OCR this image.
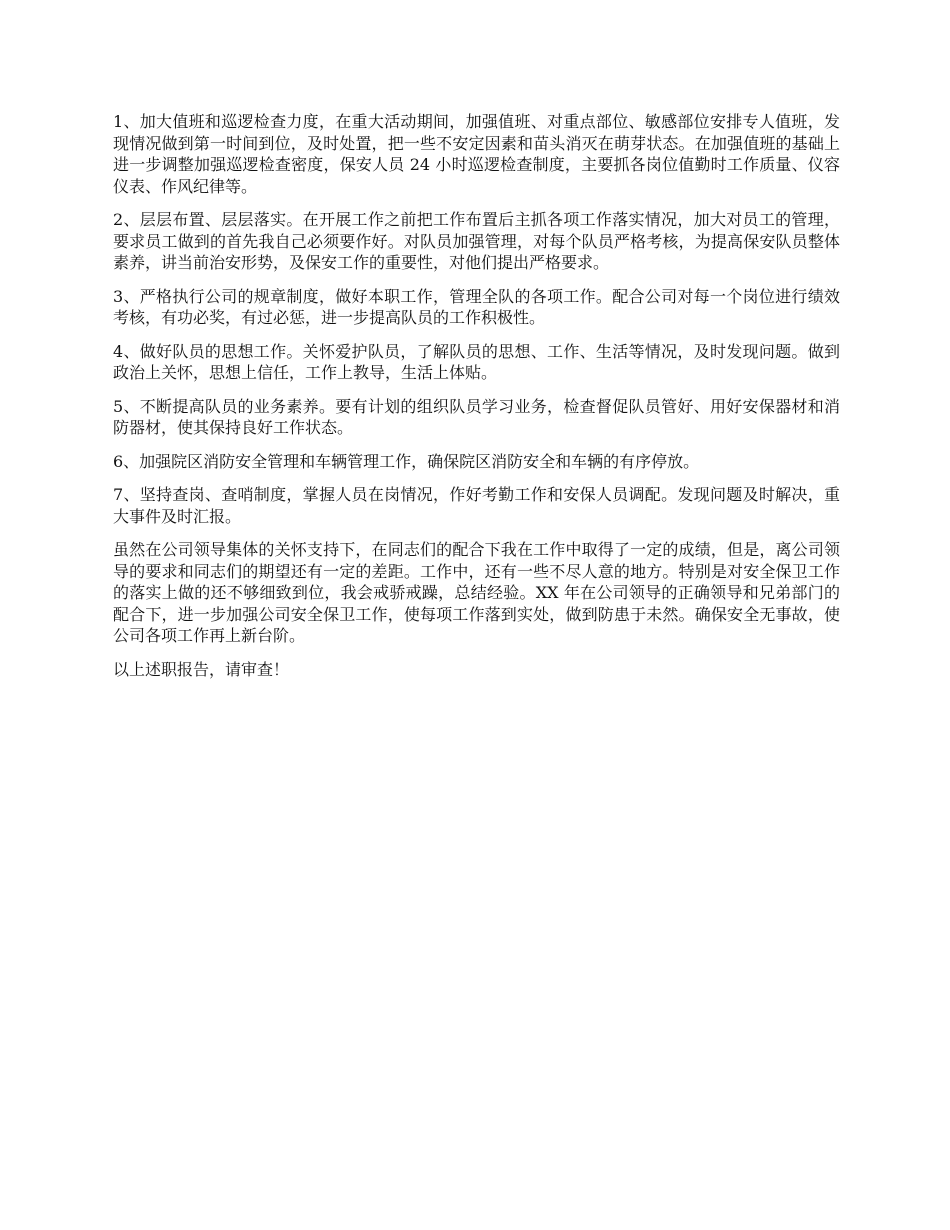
1、加大值班和巡逻检查力度，在重大活动期间，加强值班、对重点部位、敏感部位安排专人值班，发现情况做到第一时间到位，及时处置，把一些不安定因素和苗头消灭在萌芽状态。在加强值班的基础上进一步调整加强巡逻检查密度，保安人员 24 小时巡逻检查制度，主要抓各岗位值勤时工作质量、仪容仪表、作风纪律等。

2、层层布置、层层落实。在开展工作之前把工作布置后主抓各项工作落实情况，加大对员工的管理，要求员工做到的首先我自己必须要作好。对队员加强管理，对每个队员严格考核，为提高保安队员整体素养，讲当前治安形势，及保安工作的重要性，对他们提出严格要求。

3、严格执行公司的规章制度，做好本职工作，管理全队的各项工作。配合公司对每一个岗位进行绩效考核，有功必奖，有过必惩，进一步提高队员的工作积极性。

4、做好队员的思想工作。关怀爱护队员，了解队员的思想、工作、生活等情况，及时发现问题。做到政治上关怀，思想上信任，工作上教导，生活上体贴。

5、不断提高队员的业务素养。要有计划的组织队员学习业务，检查督促队员管好、用好安保器材和消防器材，使其保持良好工作状态。

6、加强院区消防安全管理和车辆管理工作，确保院区消防安全和车辆的有序停放。

7、坚持查岗、查哨制度，掌握人员在岗情况，作好考勤工作和安保人员调配。发现问题及时解决，重大事件及时汇报。

虽然在公司领导集体的关怀支持下，在同志们的配合下我在工作中取得了一定的成绩，但是，离公司领导的要求和同志们的期望还有一定的差距。工作中，还有一些不尽人意的地方。特别是对安全保卫工作的落实上做的还不够细致到位，我会戒骄戒躁，总结经验。XX 年在公司领导的正确领导和兄弟部门的配合下，进一步加强公司安全保卫工作，使每项工作落到实处，做到防患于未然。确保安全无事故，使公司各项工作再上新台阶。

以上述职报告，请审查！
